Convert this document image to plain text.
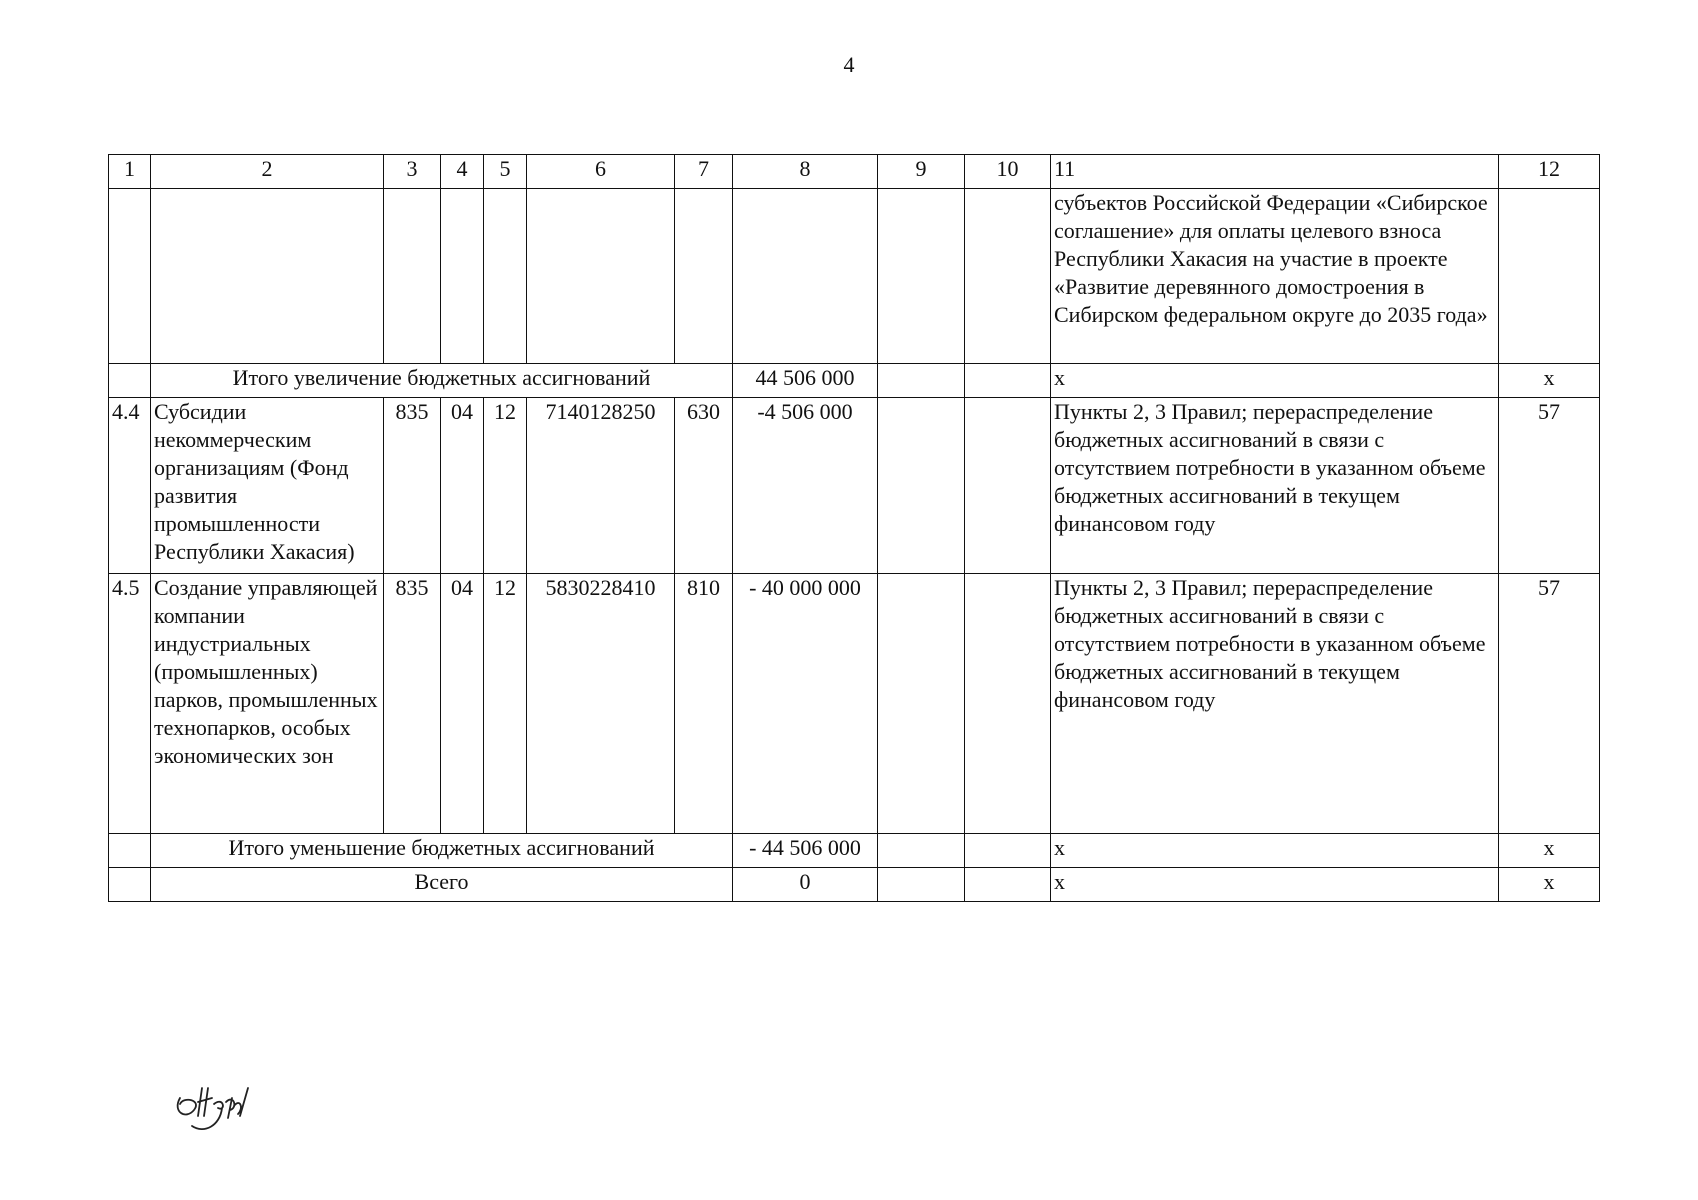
4
1	2	3	4	5	6	7	8	9	10	11	12
										субъектов Российской Федерации «Сибирское соглашение» для оплаты целевого взноса Республики Хакасия на участие в проекте «Развитие деревянного домостроения в Сибирском федеральном округе до 2035 года»	
	Итого увеличение бюджетных ассигнований						44 506 000			x	x
4.4	Субсидии некоммерческим организациям (Фонд развития промышленности Республики Хакасия)	835	04	12	7140128250	630	-4 506 000			Пункты 2, 3 Правил; перераспределение бюджетных ассигнований в связи с отсутствием потребности в указанном объеме бюджетных ассигнований в текущем финансовом году	57
4.5	Создание управляющей компании индустриальных (промышленных) парков, промышленных технопарков, особых экономических зон	835	04	12	5830228410	810	- 40 000 000			Пункты 2, 3 Правил; перераспределение бюджетных ассигнований в связи с отсутствием потребности в указанном объеме бюджетных ассигнований в текущем финансовом году	57
	Итого уменьшение бюджетных ассигнований						- 44 506 000			x	x
	Всего						0			x	x
